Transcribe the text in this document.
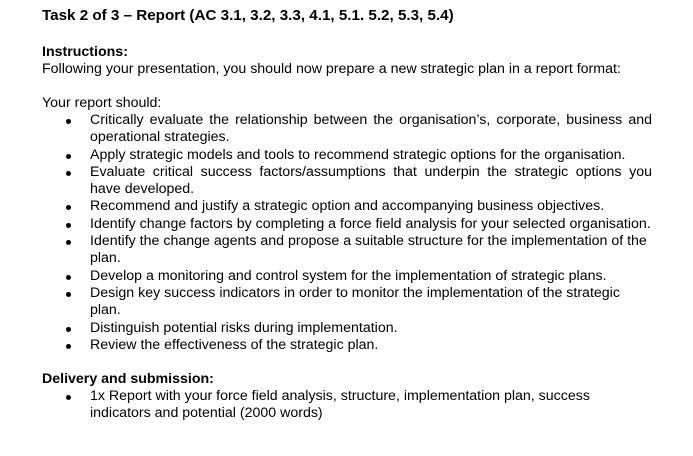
Task 2 of 3 – Report (AC 3.1, 3.2, 3.3, 4.1, 5.1. 5.2, 5.3, 5.4)

Instructions:

Following your presentation, you should now prepare a new strategic plan in a report format:

Your report should:

Critically evaluate the relationship between the organisation’s, corporate, business and operational strategies.
Apply strategic models and tools to recommend strategic options for the organisation.
Evaluate critical success factors/assumptions that underpin the strategic options you have developed.
Recommend and justify a strategic option and accompanying business objectives.
Identify change factors by completing a force field analysis for your selected organisation.
Identify the change agents and propose a suitable structure for the implementation of the plan.
Develop a monitoring and control system for the implementation of strategic plans.
Design key success indicators in order to monitor the implementation of the strategic plan.
Distinguish potential risks during implementation.
Review the effectiveness of the strategic plan.

Delivery and submission:

1x Report with your force field analysis, structure, implementation plan, success indicators and potential (2000 words)
